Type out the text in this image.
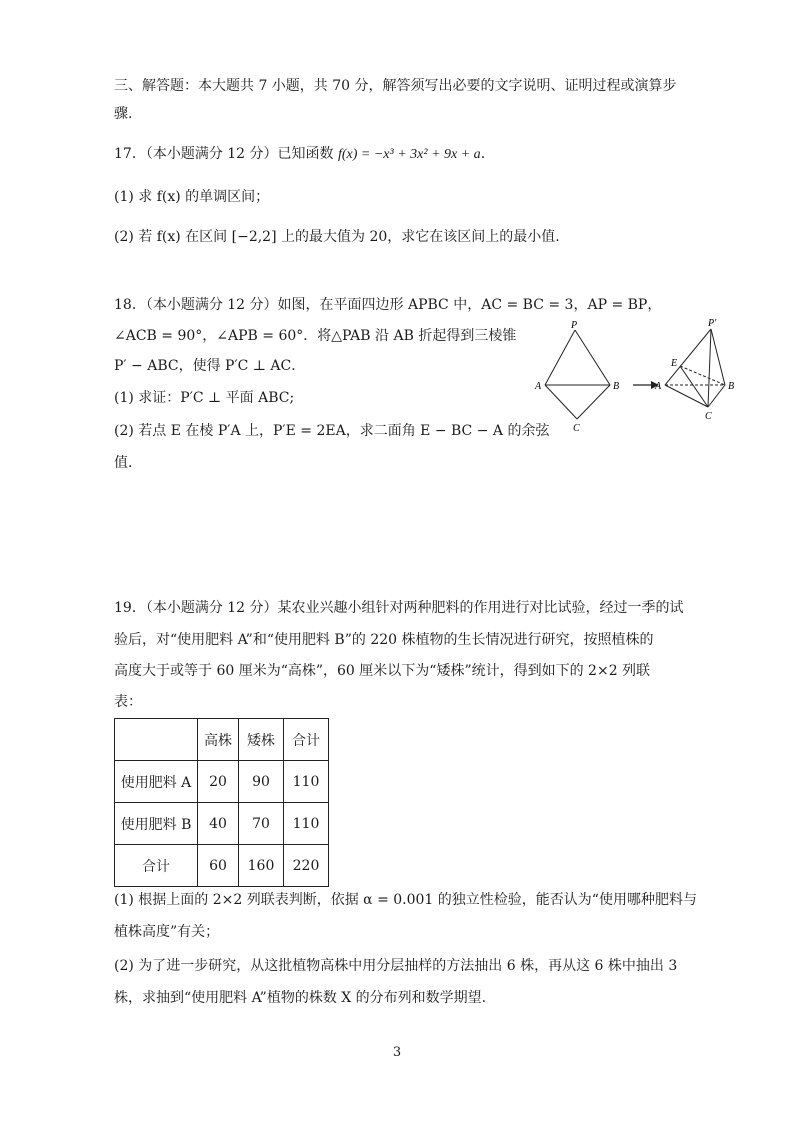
三、解答题：本大题共 7 小题，共 70 分，解答须写出必要的文字说明、证明过程或演算步
骤.
17．（本小题满分 12 分）已知函数 f(x) = −x³ + 3x² + 9x + a.
(1) 求 f(x) 的单调区间；
(2) 若 f(x) 在区间 [−2,2] 上的最大值为 20，求它在该区间上的最小值.
18．（本小题满分 12 分）如图，在平面四边形 APBC 中，AC = BC = 3，AP = BP，
∠ACB = 90°，∠APB = 60°．将△PAB 沿 AB 折起得到三棱锥
P′ − ABC，使得 P′C ⊥ AC．
(1) 求证：P′C ⊥ 平面 ABC;
(2) 若点 E 在棱 P′A 上，P′E = 2EA，求二面角 E − BC − A 的余弦
值.
P
A	B
C
P′
E
A	B
C
19．（本小题满分 12 分）某农业兴趣小组针对两种肥料的作用进行对比试验，经过一季的试
验后，对“使用肥料 A”和“使用肥料 B”的 220 株植物的生长情况进行研究，按照植株的
高度大于或等于 60 厘米为“高株”，60 厘米以下为“矮株”统计，得到如下的 2×2 列联
表：
	高株	矮株	合计
使用肥料 A	20	90	110
使用肥料 B	40	70	110
合计	60	160	220
(1) 根据上面的 2×2 列联表判断，依据 α = 0.001 的独立性检验，能否认为“使用哪种肥料与
植株高度”有关；
(2) 为了进一步研究，从这批植物高株中用分层抽样的方法抽出 6 株，再从这 6 株中抽出 3
株，求抽到“使用肥料 A”植物的株数 X 的分布列和数学期望.
3
